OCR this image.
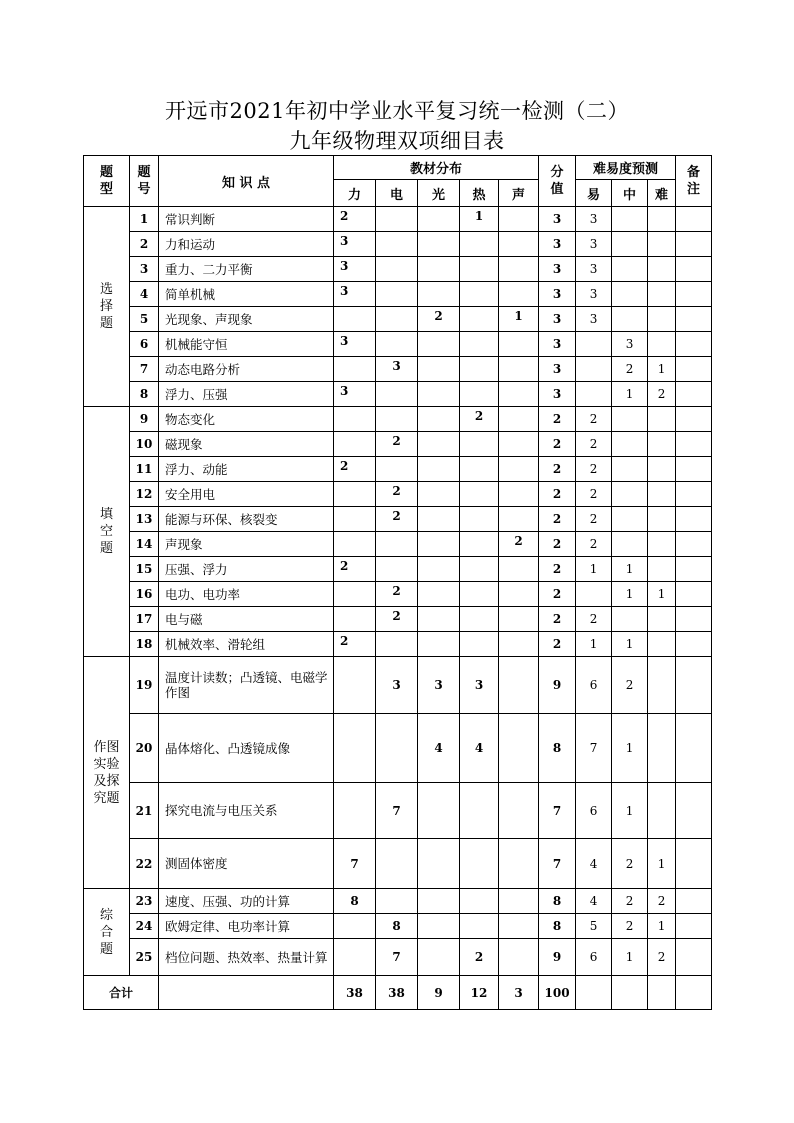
开远市2021年初中学业水平复习统一检测（二）
九年级物理双项细目表
题
型	题
号	知 识 点	教材分布					分
值	难易度预测			备
注

			力	电	光	热	声		易	中	难	

选
择
题	1	常识判断	2			1		3	3			
	2	力和运动	3					3	3			
	3	重力、二力平衡	3					3	3			
	4	简单机械	3					3	3			
	5	光现象、声现象			2		1	3	3			
	6	机械能守恒	3					3		3		
	7	动态电路分析		3				3		2	1	
	8	浮力、压强	3					3		1	2	

填
空
题	9	物态变化				2		2	2			
	10	磁现象		2				2	2			
	11	浮力、动能	2					2	2			
	12	安全用电		2				2	2			
	13	能源与环保、核裂变		2				2	2			
	14	声现象					2	2	2			
	15	压强、浮力	2					2	1	1		
	16	电功、电功率		2				2		1	1	
	17	电与磁		2				2	2			
	18	机械效率、滑轮组	2					2	1	1		

作图
实验
及探
究题	19	温度计读数；凸透镜、电磁学作图		3	3	3		9	6	2		
	20	晶体熔化、凸透镜成像			4	4		8	7	1		
	21	探究电流与电压关系		7				7	6	1		
	22	测固体密度	7					7	4	2	1	

综
合
题	23	速度、压强、功的计算	8					8	4	2	2	
	24	欧姆定律、电功率计算		8				8	5	2	1	
	25	档位问题、热效率、热量计算		7		2		9	6	1	2	
合计			38	38	9	12	3	100				
